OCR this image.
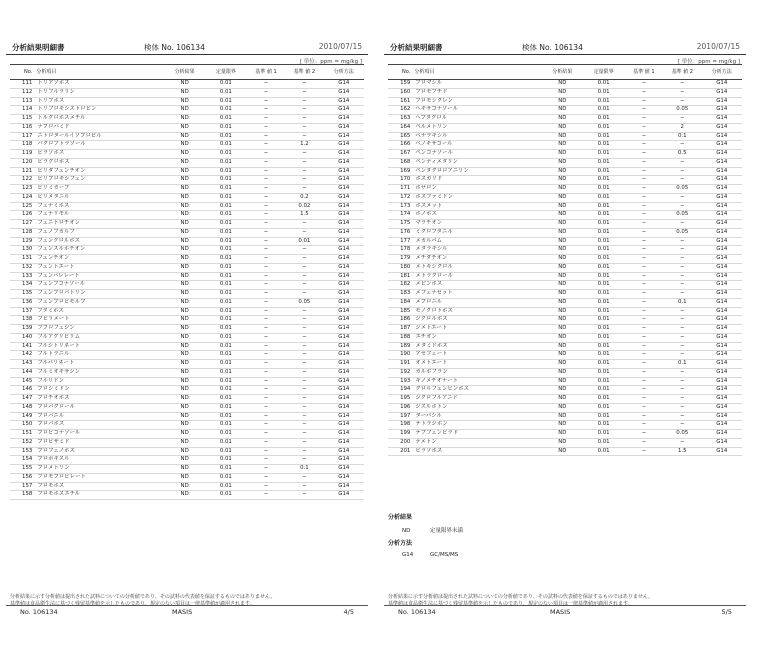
分析結果明細書	検体 No. 106134	2010/07/15
[ 単位：ppm = mg/kg ]
No.	分析項目	分析結果	定量限界	基準 値 1	基準 値 2	分析方法
111	トリアゾホス	ND	0.01	−	−	G14
112	トリフルラリン	ND	0.01	−	−	G14
113	トリブホス	ND	0.01	−	−	G14
114	トリフロキシストロビン	ND	0.01	−	−	G14
115	トルクロホスメチル	ND	0.01	−	−	G14
116	ナプロパミド	ND	0.01	−	−	G14
117	ニトロタールイソプロピル	ND	0.01	−	−	G14
118	パクロブトラゾール	ND	0.01	−	1.2	G14
119	ピラゾホス	ND	0.01	−	−	G14
120	ピラクロホス	ND	0.01	−	−	G14
121	ピリダフェンチオン	ND	0.01	−	−	G14
122	ピリプロキシフェン	ND	0.01	−	−	G14
123	ピリミカーブ	ND	0.01	−	−	G14
124	ピリメタニル	ND	0.01	−	0.2	G14
125	フェナミホス	ND	0.01	−	0.02	G14
126	フェナリモル	ND	0.01	−	1.5	G14
127	フェニトロチオン	ND	0.01	−	−	G14
128	フェノブカルブ	ND	0.01	−	−	G14
129	フェンクロルホス	ND	0.01	−	0.01	G14
130	フェンスルホチオン	ND	0.01	−	−	G14
131	フェンチオン	ND	0.01	−	−	G14
132	フェントエート	ND	0.01	−	−	G14
133	フェンバレレート	ND	0.01	−	−	G14
134	フェンブコナゾール	ND	0.01	−	−	G14
135	フェンプロパトリン	ND	0.01	−	−	G14
136	フェンプロピモルフ	ND	0.01	−	0.05	G14
137	ブタミホス	ND	0.01	−	−	G14
138	ブピリメート	ND	0.01	−	−	G14
139	ブプロフェジン	ND	0.01	−	−	G14
140	フルアクリピリム	ND	0.01	−	−	G14
141	フルシトリネート	ND	0.01	−	−	G14
142	フルトラニル	ND	0.01	−	−	G14
143	フルバリネート	ND	0.01	−	−	G14
144	フルミオキサジン	ND	0.01	−	−	G14
145	フルリドン	ND	0.01	−	−	G14
146	プロシミドン	ND	0.01	−	−	G14
147	プロチオホス	ND	0.01	−	−	G14
148	プロパクロール	ND	0.01	−	−	G14
149	プロパニル	ND	0.01	−	−	G14
150	プロパホス	ND	0.01	−	−	G14
151	プロピコナゾール	ND	0.01	−	−	G14
152	プロピザミド	ND	0.01	−	−	G14
153	プロフェノホス	ND	0.01	−	−	G14
154	プロポキスル	ND	0.01	−	−	G14
155	プロメトリン	ND	0.01	−	0.1	G14
156	ブロモプロピレート	ND	0.01	−	−	G14
157	ブロモホス	ND	0.01	−	−	G14
158	ブロモホスエチル	ND	0.01	−	−	G14
分析結果に示す分析値は提出された試料についての分析値であり、その試料の代表値を保証するものではありません。
基準値は食品衛生法に基づく残留基準値を示したものであり、規定のない項目は一律基準値が適用されます。
No. 106134	MASIS	4/5
分析結果明細書	検体 No. 106134	2010/07/15
[ 単位：ppm = mg/kg ]
No.	分析項目	分析結果	定量限界	基準 値 1	基準 値 2	分析方法
159	ブロマシル	ND	0.01	−	−	G14
160	ブロモブチド	ND	0.01	−	−	G14
161	ブロモシクレン	ND	0.01	−	−	G14
162	ヘキサコナゾール	ND	0.01	−	0.05	G14
163	ヘプタクロル	ND	0.01	−	−	G14
164	ペルメトリン	ND	0.01	−	2	G14
165	ベナラキシル	ND	0.01	−	0.1	G14
166	ベノキサコール	ND	0.01	−	−	G14
167	ペンコナゾール	ND	0.01	−	0.5	G14
168	ペンディメタリン	ND	0.01	−	−	G14
169	ペンタクロロアニリン	ND	0.01	−	−	G14
170	ボスカリド	ND	0.01	−	−	G14
171	ホサロン	ND	0.01	−	0.05	G14
172	ホスファミドン	ND	0.01	−	−	G14
173	ホスメット	ND	0.01	−	−	G14
174	ホノホス	ND	0.01	−	0.05	G14
175	マラチオン	ND	0.01	−	−	G14
176	ミクロブタニル	ND	0.01	−	0.05	G14
177	メカルバム	ND	0.01	−	−	G14
178	メタラキシル	ND	0.01	−	−	G14
179	メチダチオン	ND	0.01	−	−	G14
180	メトキシクロル	ND	0.01	−	−	G14
181	メトラクロール	ND	0.01	−	−	G14
182	メビンホス	ND	0.01	−	−	G14
183	メフェナセット	ND	0.01	−	−	G14
184	メプロニル	ND	0.01	−	0.1	G14
185	モノクロトホス	ND	0.01	−	−	G14
186	ジクロルボス	ND	0.01	−	−	G14
187	ジメトエート	ND	0.01	−	−	G14
188	エチオン	ND	0.01	−	−	G14
189	メタミドホス	ND	0.01	−	−	G14
190	アセフェート	ND	0.01	−	−	G14
191	オメトエート	ND	0.01	−	0.1	G14
192	カルボフラン	ND	0.01	−	−	G14
193	キノメチオナート	ND	0.01	−	−	G14
194	クロルフェンビンホス	ND	0.01	−	−	G14
195	ジクロフルアニド	ND	0.01	−	−	G14
196	ジスルホトン	ND	0.01	−	−	G14
197	ターバシル	ND	0.01	−	−	G14
198	テトラジホン	ND	0.01	−	−	G14
199	テブフェンピラド	ND	0.01	−	0.05	G14
200	デメトン	ND	0.01	−	−	G14
201	ピラゾホス	ND	0.01	−	1.5	G14
分析結果
ND	定量限界未満
分析方法
G14	GC/MS/MS
分析結果に示す分析値は提出された試料についての分析値であり、その試料の代表値を保証するものではありません。
基準値は食品衛生法に基づく残留基準値を示したものであり、規定のない項目は一律基準値が適用されます。
No. 106134	MASIS	5/5
